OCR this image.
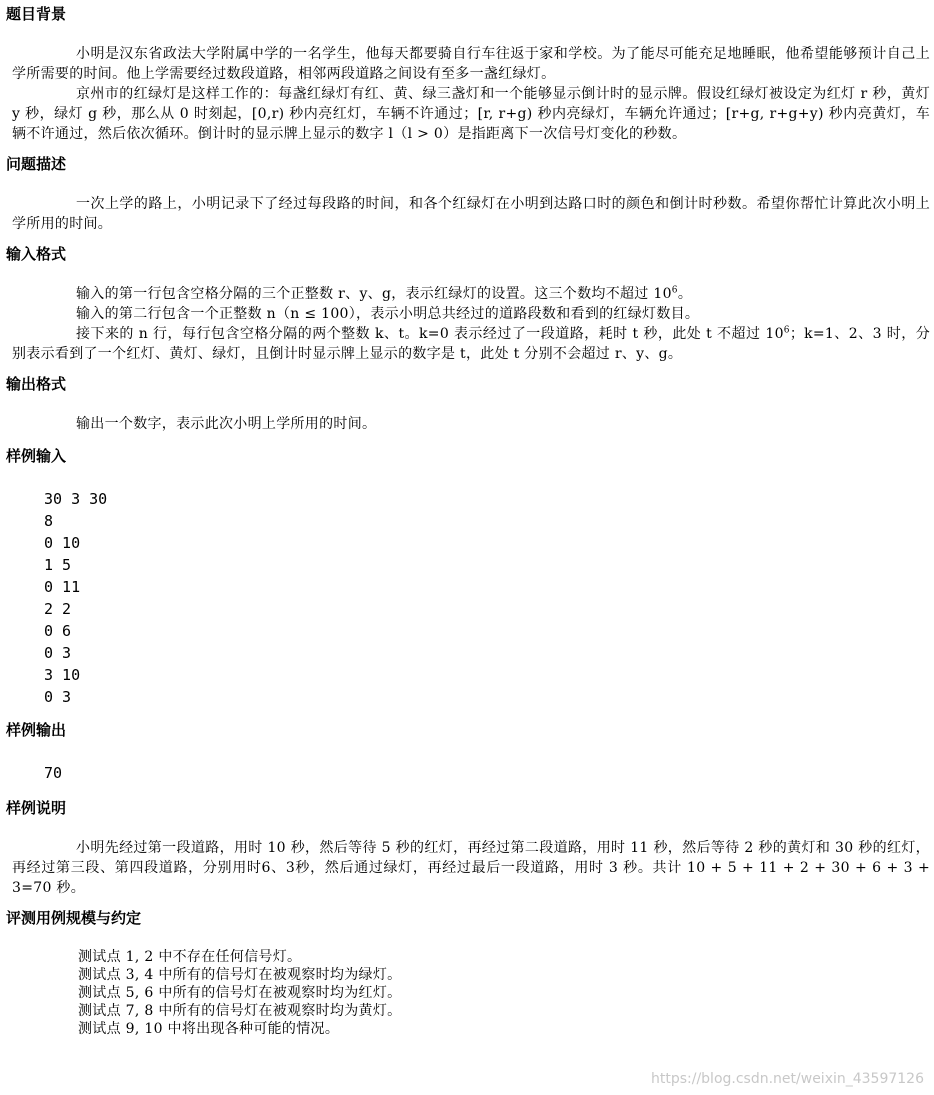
题目背景

小明是汉东省政法大学附属中学的一名学生，他每天都要骑自行车往返于家和学校。为了能尽可能充足地睡眠，他希望能够预计自己上学所需要的时间。他上学需要经过数段道路，相邻两段道路之间设有至多一盏红绿灯。

京州市的红绿灯是这样工作的：每盏红绿灯有红、黄、绿三盏灯和一个能够显示倒计时的显示牌。假设红绿灯被设定为红灯 r 秒，黄灯 y 秒，绿灯 g 秒，那么从 0 时刻起，[0,r) 秒内亮红灯，车辆不许通过；[r, r+g) 秒内亮绿灯，车辆允许通过；[r+g, r+g+y) 秒内亮黄灯，车辆不许通过，然后依次循环。倒计时的显示牌上显示的数字 l（l > 0）是指距离下一次信号灯变化的秒数。

问题描述

一次上学的路上，小明记录下了经过每段路的时间，和各个红绿灯在小明到达路口时的颜色和倒计时秒数。希望你帮忙计算此次小明上学所用的时间。

输入格式

输入的第一行包含空格分隔的三个正整数 r、y、g，表示红绿灯的设置。这三个数均不超过 $10^6$。

输入的第二行包含一个正整数 n（n ≤ 100），表示小明总共经过的道路段数和看到的红绿灯数目。

接下来的 n 行，每行包含空格分隔的两个整数 k、t。k=0 表示经过了一段道路，耗时 t 秒，此处 t 不超过 $10^6$；k=1、2、3 时，分别表示看到了一个红灯、黄灯、绿灯，且倒计时显示牌上显示的数字是 t，此处 t 分别不会超过 r、y、g。

输出格式

输出一个数字，表示此次小明上学所用的时间。

样例输入
30 3 30
8
0 10
1 5
0 11
2 2
0 6
0 3
3 10
0 3
样例输出
70
样例说明

小明先经过第一段道路，用时 10 秒，然后等待 5 秒的红灯，再经过第二段道路，用时 11 秒，然后等待 2 秒的黄灯和 30 秒的红灯，再经过第三段、第四段道路，分别用时6、3秒，然后通过绿灯，再经过最后一段道路，用时 3 秒。共计 10 + 5 + 11 + 2 + 30 + 6 + 3 + 3=70 秒。

评测用例规模与约定

测试点 1, 2 中不存在任何信号灯。

测试点 3, 4 中所有的信号灯在被观察时均为绿灯。

测试点 5, 6 中所有的信号灯在被观察时均为红灯。

测试点 7, 8 中所有的信号灯在被观察时均为黄灯。

测试点 9, 10 中将出现各种可能的情况。

https://blog.csdn.net/weixin_43597126
